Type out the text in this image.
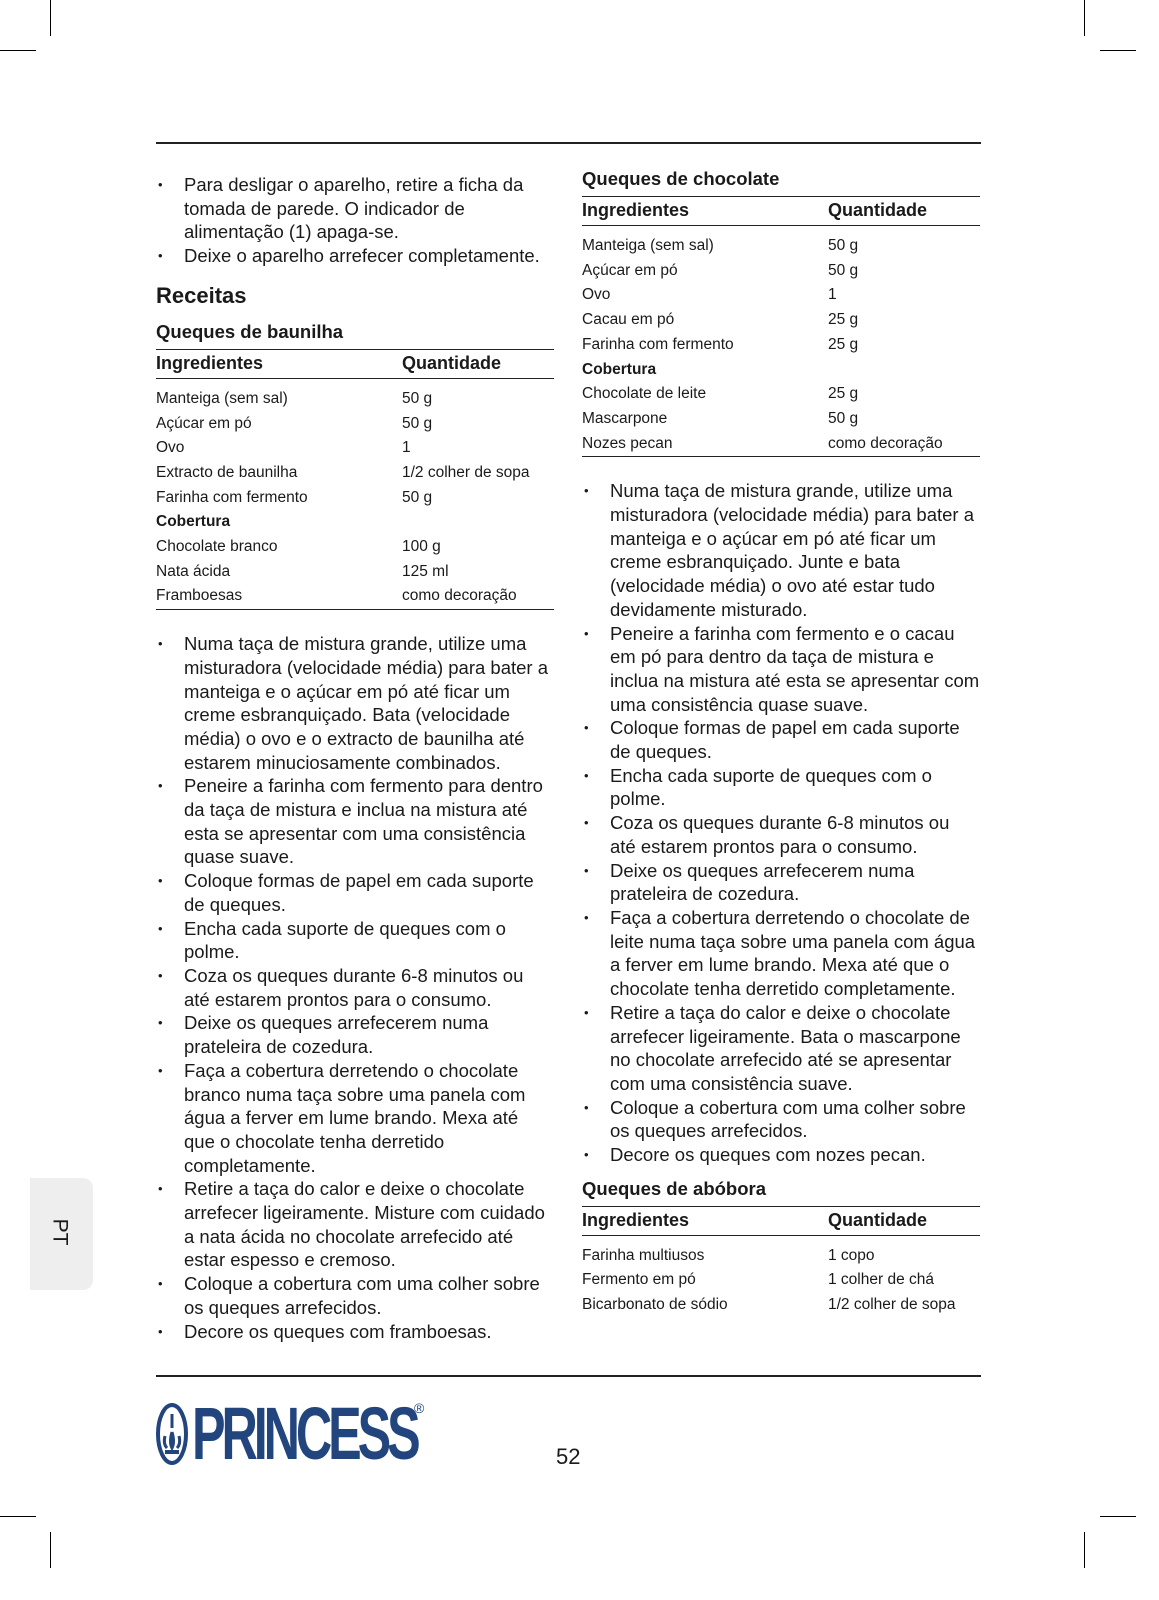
• Para desligar o aparelho, retire a ficha da tomada de parede. O indicador de alimentação (1) apaga-se.
• Deixe o aparelho arrefecer completamente.
Receitas
Queques de baunilha
Ingredientes	Quantidade
Manteiga (sem sal)	50 g
Açúcar em pó	50 g
Ovo	1
Extracto de baunilha	1/2 colher de sopa
Farinha com fermento	50 g
Cobertura	
Chocolate branco	100 g
Nata ácida	125 ml
Framboesas	como decoração
• Numa taça de mistura grande, utilize uma misturadora (velocidade média) para bater a manteiga e o açúcar em pó até ficar um creme esbranquiçado. Bata (velocidade média) o ovo e o extracto de baunilha até estarem minuciosamente combinados.
• Peneire a farinha com fermento para dentro da taça de mistura e inclua na mistura até esta se apresentar com uma consistência quase suave.
• Coloque formas de papel em cada suporte de queques.
• Encha cada suporte de queques com o polme.
• Coza os queques durante 6-8 minutos ou até estarem prontos para o consumo.
• Deixe os queques arrefecerem numa prateleira de cozedura.
• Faça a cobertura derretendo o chocolate branco numa taça sobre uma panela com água a ferver em lume brando. Mexa até que o chocolate tenha derretido completamente.
• Retire a taça do calor e deixe o chocolate arrefecer ligeiramente. Misture com cuidado a nata ácida no chocolate arrefecido até estar espesso e cremoso.
• Coloque a cobertura com uma colher sobre os queques arrefecidos.
• Decore os queques com framboesas.
Queques de chocolate
Ingredientes	Quantidade
Manteiga (sem sal)	50 g
Açúcar em pó	50 g
Ovo	1
Cacau em pó	25 g
Farinha com fermento	25 g
Cobertura	
Chocolate de leite	25 g
Mascarpone	50 g
Nozes pecan	como decoração
• Numa taça de mistura grande, utilize uma misturadora (velocidade média) para bater a manteiga e o açúcar em pó até ficar um creme esbranquiçado. Junte e bata (velocidade média) o ovo até estar tudo devidamente misturado.
• Peneire a farinha com fermento e o cacau em pó para dentro da taça de mistura e inclua na mistura até esta se apresentar com uma consistência quase suave.
• Coloque formas de papel em cada suporte de queques.
• Encha cada suporte de queques com o polme.
• Coza os queques durante 6-8 minutos ou até estarem prontos para o consumo.
• Deixe os queques arrefecerem numa prateleira de cozedura.
• Faça a cobertura derretendo o chocolate de leite numa taça sobre uma panela com água a ferver em lume brando. Mexa até que o chocolate tenha derretido completamente.
• Retire a taça do calor e deixe o chocolate arrefecer ligeiramente. Bata o mascarpone no chocolate arrefecido até se apresentar com uma consistência suave.
• Coloque a cobertura com uma colher sobre os queques arrefecidos.
• Decore os queques com nozes pecan.
Queques de abóbora
Ingredientes	Quantidade
Farinha multiusos	1 copo
Fermento em pó	1 colher de chá
Bicarbonato de sódio	1/2 colher de sopa
PT
PRINCESS
®
52
